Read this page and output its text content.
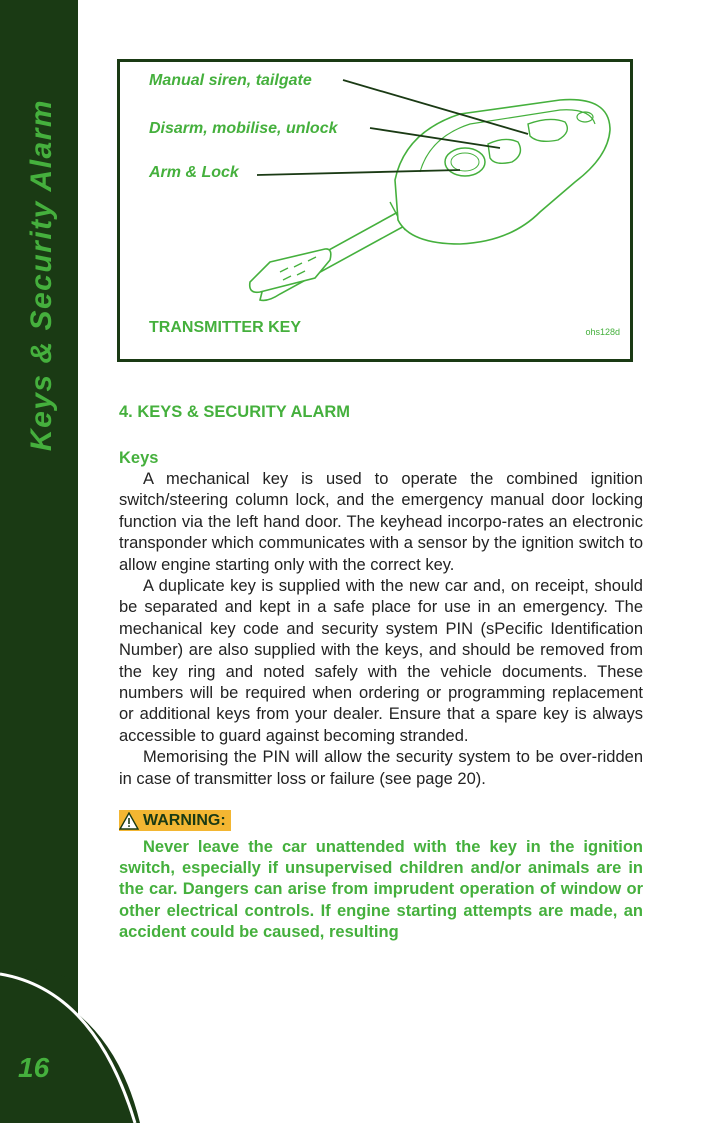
Keys & Security Alarm
16
Manual siren, tailgate
Disarm, mobilise, unlock
Arm & Lock
TRANSMITTER KEY	ohs128d
4. KEYS & SECURITY ALARM
Keys

A mechanical key is used to operate the combined ignition switch/steering column lock, and the emergency manual door locking function via the left hand door. The keyhead incorpo-rates an electronic transponder which communicates with a sensor by the ignition switch to allow engine starting only with the correct key.

A duplicate key is supplied with the new car and, on receipt, should be separated and kept in a safe place for use in an emergency. The mechanical key code and security system PIN (sPecific Identification Number) are also supplied with the keys, and should be removed from the key ring and noted safely with the vehicle documents. These numbers will be required when ordering or programming replacement or additional keys from your dealer. Ensure that a spare key is always accessible to guard against becoming stranded.

Memorising the PIN will allow the security system to be over-ridden in case of transmitter loss or failure (see page 20).

WARNING:

Never leave the car unattended with the key in the ignition switch, especially if unsupervised children and/or animals are in the car. Dangers can arise from imprudent operation of window or other electrical controls. If engine starting attempts are made, an accident could be caused, resulting
